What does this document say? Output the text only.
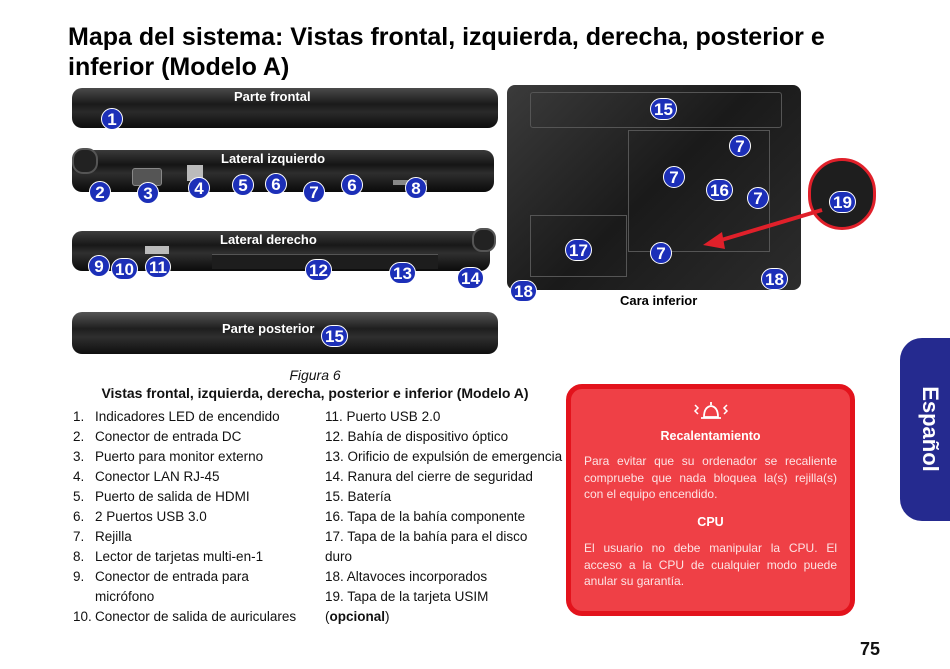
Mapa del sistema: Vistas frontal, izquierda, derecha, posterior e inferior (Modelo A)
Parte frontal
1
Lateral izquierdo
2	3	4	5	6	7	6	8
Lateral derecho
9 10 11	12	13	14
Parte posterior 15
Cara inferior
15
7
7
16	7
17	7
18
18
19
Figura 6
Vistas frontal, izquierda, derecha, posterior e inferior (Modelo A)
1. Indicadores LED de encendido
2. Conector de entrada DC
3. Puerto para monitor externo
4. Conector LAN RJ-45
5. Puerto de salida de HDMI
6. 2 Puertos USB 3.0
7. Rejilla
8. Lector de tarjetas multi-en-1
9. Conector de entrada para micrófono
10. Conector de salida de auriculares
11. Puerto USB 2.0
12. Bahía de dispositivo óptico
13. Orificio de expulsión de emergencia
14. Ranura del cierre de seguridad
15. Batería
16. Tapa de la bahía componente
17. Tapa de la bahía para el disco duro
18. Altavoces incorporados
19. Tapa de la tarjeta USIM (opcional)
Recalentamiento

Para evitar que su ordenador se recaliente compruebe que nada bloquea la(s) rejilla(s) con el equipo encendido.

CPU

El usuario no debe manipular la CPU. El acceso a la CPU de cualquier modo puede anular su garantía.

Español
75
